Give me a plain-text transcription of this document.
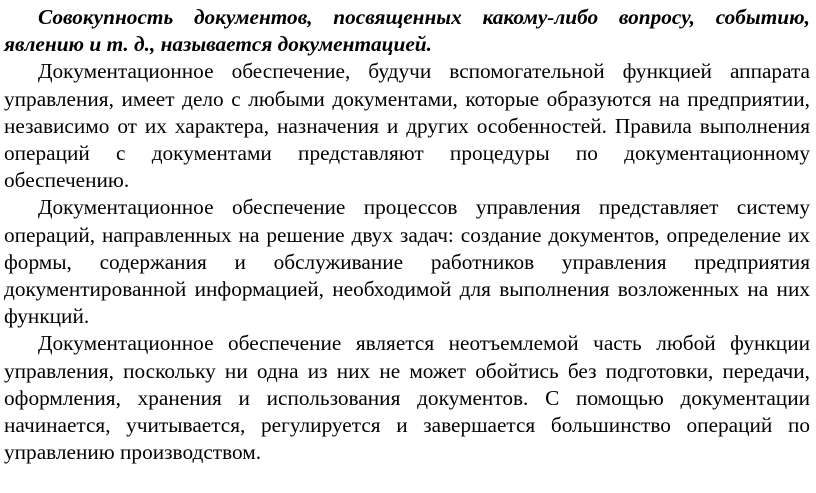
Совокупность документов, посвященных какому-либо вопросу, событию, явлению и т. д., называется документацией.

Документационное обеспечение, будучи вспомогательной функцией аппарата управления, имеет дело с любыми документами, которые образуются на предприятии, независимо от их характера, назначения и других особенностей. Правила выполнения операций с документами представляют процедуры по документационному обеспечению.

Документационное обеспечение процессов управления представляет систему операций, направленных на решение двух задач: создание документов, определение их формы, содержания и обслуживание работников управления предприятия документированной информацией, необходимой для выполнения возложенных на них функций.

Документационное обеспечение является неотъемлемой часть любой функции управления, поскольку ни одна из них не может обойтись без подготовки, передачи, оформления, хранения и использования документов. С помощью документации начинается, учитывается, регулируется и завершается большинство операций по управлению производством.
